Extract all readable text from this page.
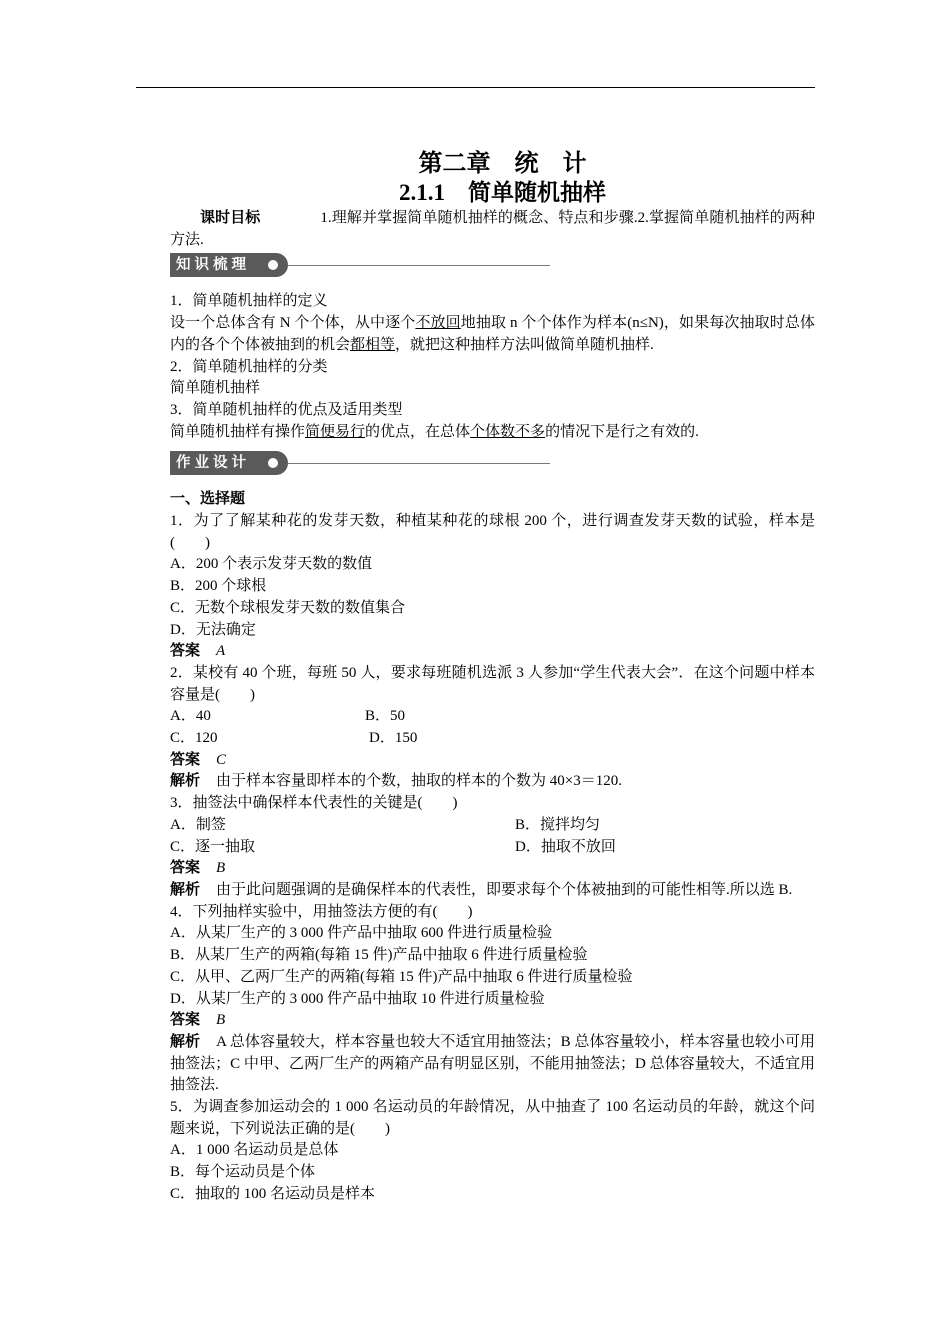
第二章　统　计
2.1.1　简单随机抽样

课时目标	1.理解并掌握简单随机抽样的概念、特点和步骤.2.掌握简单随机抽样的两种方法.

知识梳理

1．简单随机抽样的定义

设一个总体含有 N 个个体，从中逐个不放回地抽取 n 个个体作为样本(n≤N)，如果每次抽取时总体内的各个个体被抽到的机会都相等，就把这种抽样方法叫做简单随机抽样.

2．简单随机抽样的分类

简单随机抽样

3．简单随机抽样的优点及适用类型

简单随机抽样有操作简便易行的优点，在总体个体数不多的情况下是行之有效的.

作业设计

一、选择题

1．为了了解某种花的发芽天数，种植某种花的球根 200 个，进行调查发芽天数的试验，样本是(　　)

A．200 个表示发芽天数的数值

B．200 个球根

C．无数个球根发芽天数的数值集合

D．无法确定

答案 A

2．某校有 40 个班，每班 50 人，要求每班随机选派 3 人参加“学生代表大会”．在这个问题中样本容量是(　　)

A．40	B．50
C．120	D．150

答案 C

解析 由于样本容量即样本的个数，抽取的样本的个数为 40×3＝120.

3．抽签法中确保样本代表性的关键是(　　)

A．制签	B．搅拌均匀
C．逐一抽取	D．抽取不放回

答案 B

解析 由于此问题强调的是确保样本的代表性，即要求每个个体被抽到的可能性相等.所以选 B.

4．下列抽样实验中，用抽签法方便的有(　　)

A．从某厂生产的 3 000 件产品中抽取 600 件进行质量检验

B．从某厂生产的两箱(每箱 15 件)产品中抽取 6 件进行质量检验

C．从甲、乙两厂生产的两箱(每箱 15 件)产品中抽取 6 件进行质量检验

D．从某厂生产的 3 000 件产品中抽取 10 件进行质量检验

答案 B

解析 A 总体容量较大，样本容量也较大不适宜用抽签法；B 总体容量较小，样本容量也较小可用抽签法；C 中甲、乙两厂生产的两箱产品有明显区别，不能用抽签法；D 总体容量较大，不适宜用抽签法.

5．为调查参加运动会的 1 000 名运动员的年龄情况，从中抽查了 100 名运动员的年龄，就这个问题来说，下列说法正确的是(　　)

A．1 000 名运动员是总体

B．每个运动员是个体

C．抽取的 100 名运动员是样本
